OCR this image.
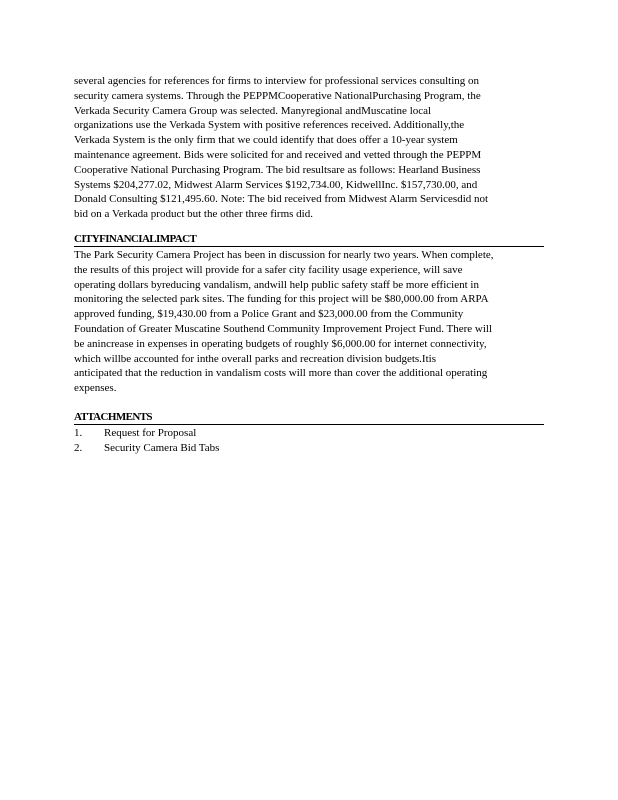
several agencies for references for firms to interview for professional services consulting on
security camera systems. Through the PEPPMCooperative NationalPurchasing Program, the
Verkada Security Camera Group was selected. Manyregional andMuscatine local
organizations use the Verkada System with positive references received. Additionally,the
Verkada System is the only firm that we could identify that does offer a 10-year system
maintenance agreement. Bids were solicited for and received and vetted through the PEPPM
Cooperative National Purchasing Program. The bid resultsare as follows: Hearland Business
Systems $204,277.02, Midwest Alarm Services $192,734.00, KidwellInc. $157,730.00, and
Donald Consulting $121,495.60. Note: The bid received from Midwest Alarm Servicesdid not
bid on a Verkada product but the other three firms did.

CITYFINANCIALIMPACT

The Park Security Camera Project has been in discussion for nearly two years. When complete,
the results of this project will provide for a safer city facility usage experience, will save
operating dollars byreducing vandalism, andwill help public safety staff be more efficient in
monitoring the selected park sites. The funding for this project will be $80,000.00 from ARPA
approved funding, $19,430.00 from a Police Grant and $23,000.00 from the Community
Foundation of Greater Muscatine Southend Community Improvement Project Fund. There will
be anincrease in expenses in operating budgets of roughly $6,000.00 for internet connectivity,
which willbe accounted for inthe overall parks and recreation division budgets.Itis
anticipated that the reduction in vandalism costs will more than cover the additional operating
expenses.

ATTACHMENTS
1. Request for Proposal
2. Security Camera Bid Tabs
